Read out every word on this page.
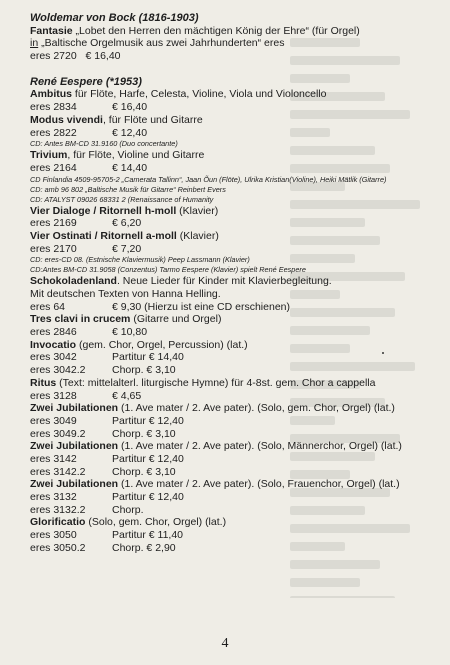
Woldemar von Bock (1816-1903)
Fantasie „Lobet den Herren den mächtigen König der Ehre“ (für Orgel)
in „Baltische Orgelmusik aus zwei Jahrhunderten“ eres
eres 2720 € 16,40
René Eespere (*1953)
Ambitus für Flöte, Harfe, Celesta, Violine, Viola und Violoncello
eres 2834	€ 16,40
Modus vivendi, für Flöte und Gitarre
eres 2822	€ 12,40
CD: Antes BM-CD 31.9160 (Duo concertante)
Trivium, für Flöte, Violine und Gitarre
eres 2164	€ 14,40
CD Finlandia 4509-95705-2 „Camerata Tallinn“, Jaan Õun (Flöte), Ulrika Kristian(Violine), Heiki Mätlik (Gitarre)
CD: amb 96 802 „Baltische Musik für Gitarre“ Reinbert Evers
CD: ATALYST 09026 68331 2 (Renaissance of Humanity
Vier Dialoge / Ritornell h-moll (Klavier)
eres 2169	€ 6,20
Vier Ostinati / Ritornell a-moll (Klavier)
eres 2170	€ 7,20
CD: eres-CD 08. (Estnische Klaviermusik) Peep Lassmann (Klavier)
CD:Antes BM-CD 31.9058 (Conzentus) Tarmo Eespere (Klavier) spielt René Eespere
Schokoladenland. Neue Lieder für Kinder mit Klavierbegleitung.
Mit deutschen Texten von Hanna Helling.
eres 64	€ 9,30 (Hierzu ist eine CD erschienen)
Tres clavi in crucem (Gitarre und Orgel)
eres 2846	€ 10,80
Invocatio (gem. Chor, Orgel, Percussion) (lat.)
eres 3042	Partitur € 14,40
eres 3042.2	Chorp. € 3,10
Ritus (Text: mittelalterl. liturgische Hymne) für 4-8st. gem. Chor a cappella
eres 3128	€ 4,65
Zwei Jubilationen (1. Ave mater / 2. Ave pater). (Solo, gem. Chor, Orgel) (lat.)
eres 3049	Partitur € 12,40
eres 3049.2	Chorp. € 3,10
Zwei Jubilationen (1. Ave mater / 2. Ave pater). (Solo, Männerchor, Orgel) (lat.)
eres 3142	Partitur € 12,40
eres 3142.2	Chorp. € 3,10
Zwei Jubilationen (1. Ave mater / 2. Ave pater). (Solo, Frauenchor, Orgel) (lat.)
eres 3132	Partitur € 12,40
eres 3132.2	Chorp.
Glorificatio (Solo, gem. Chor, Orgel) (lat.)
eres 3050	Partitur € 11,40
eres 3050.2	Chorp. € 2,90
4
